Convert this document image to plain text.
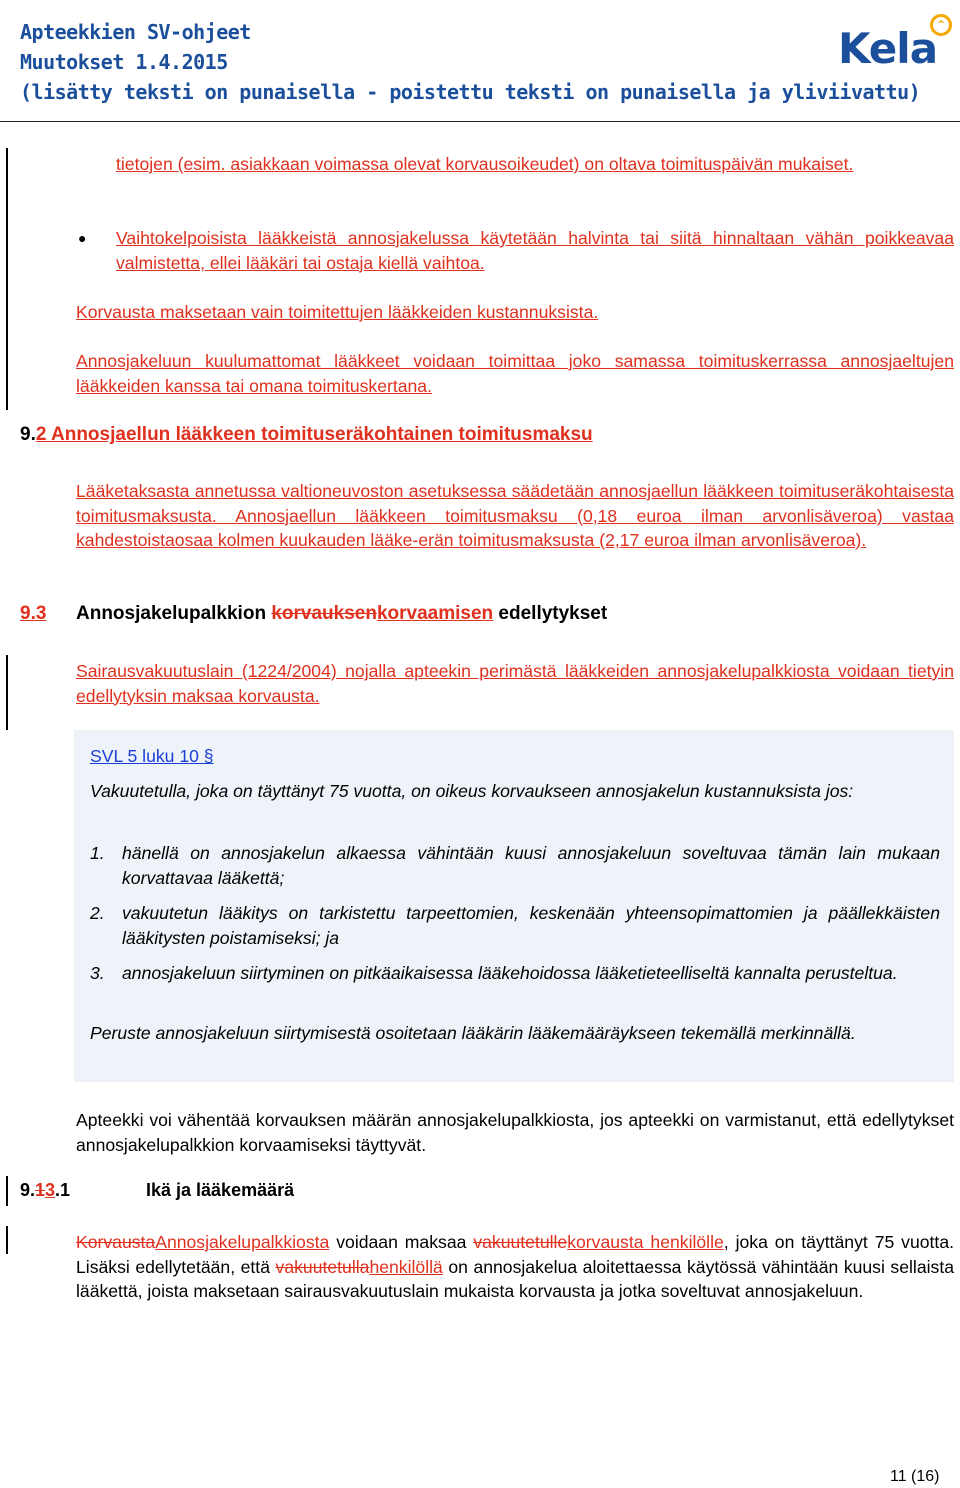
Apteekkien SV-ohjeet
Muutokset 1.4.2015
(lisätty teksti on punaisella - poistettu teksti on punaisella ja yliviivattu)
Kela
⌃
tietojen (esim. asiakkaan voimassa olevat korvausoikeudet) on oltava toimituspäivän mukaiset.
● Vaihtokelpoisista lääkkeistä annosjakelussa käytetään halvinta tai siitä hinnaltaan vähän poikkeavaa valmistetta, ellei lääkäri tai ostaja kiellä vaihtoa.
Korvausta maksetaan vain toimitettujen lääkkeiden kustannuksista.
Annosjakeluun kuulumattomat lääkkeet voidaan toimittaa joko samassa toimituskerrassa annosjaeltujen lääkkeiden kanssa tai omana toimituskertana.
9.2 Annosjaellun lääkkeen toimituseräkohtainen toimitusmaksu
Lääketaksasta annetussa valtioneuvoston asetuksessa säädetään annosjaellun lääkkeen toimituseräkohtaisesta toimitusmaksusta. Annosjaellun lääkkeen toimitusmaksu (0,18 euroa ilman arvonlisäveroa) vastaa kahdestoistaosaa kolmen kuukauden lääke-erän toimitusmaksusta (2,17 euroa ilman arvonlisäveroa).
9.3 Annosjakelupalkkion korvauksenkorvaamisen edellytykset
Sairausvakuutuslain (1224/2004) nojalla apteekin perimästä lääkkeiden annosjakelupalkkiosta voidaan tietyin edellytyksin maksaa korvausta.
SVL 5 luku 10 §
Vakuutetulla, joka on täyttänyt 75 vuotta, on oikeus korvaukseen annosjakelun kustannuksista jos:
1. hänellä on annosjakelun alkaessa vähintään kuusi annosjakeluun soveltuvaa tämän lain mukaan korvattavaa lääkettä;
2. vakuutetun lääkitys on tarkistettu tarpeettomien, keskenään yhteensopimattomien ja päällekkäisten lääkitysten poistamiseksi; ja
3. annosjakeluun siirtyminen on pitkäaikaisessa lääkehoidossa lääketieteelliseltä kannalta perusteltua.
Peruste annosjakeluun siirtymisestä osoitetaan lääkärin lääkemääräykseen tekemällä merkinnällä.
Apteekki voi vähentää korvauksen määrän annosjakelupalkkiosta, jos apteekki on varmistanut, että edellytykset annosjakelupalkkion korvaamiseksi täyttyvät.
9.13.1	Ikä ja lääkemäärä
KorvaustaAnnosjakelupalkkiosta voidaan maksaa vakuutetullekorvausta henkilölle, joka on täyttänyt 75 vuotta. Lisäksi edellytetään, että vakuutetullahenkilöllä on annosjakelua aloitettaessa käytössä vähintään kuusi sellaista lääkettä, joista maksetaan sairausvakuutuslain mukaista korvausta ja jotka soveltuvat annosjakeluun.
11 (16)
